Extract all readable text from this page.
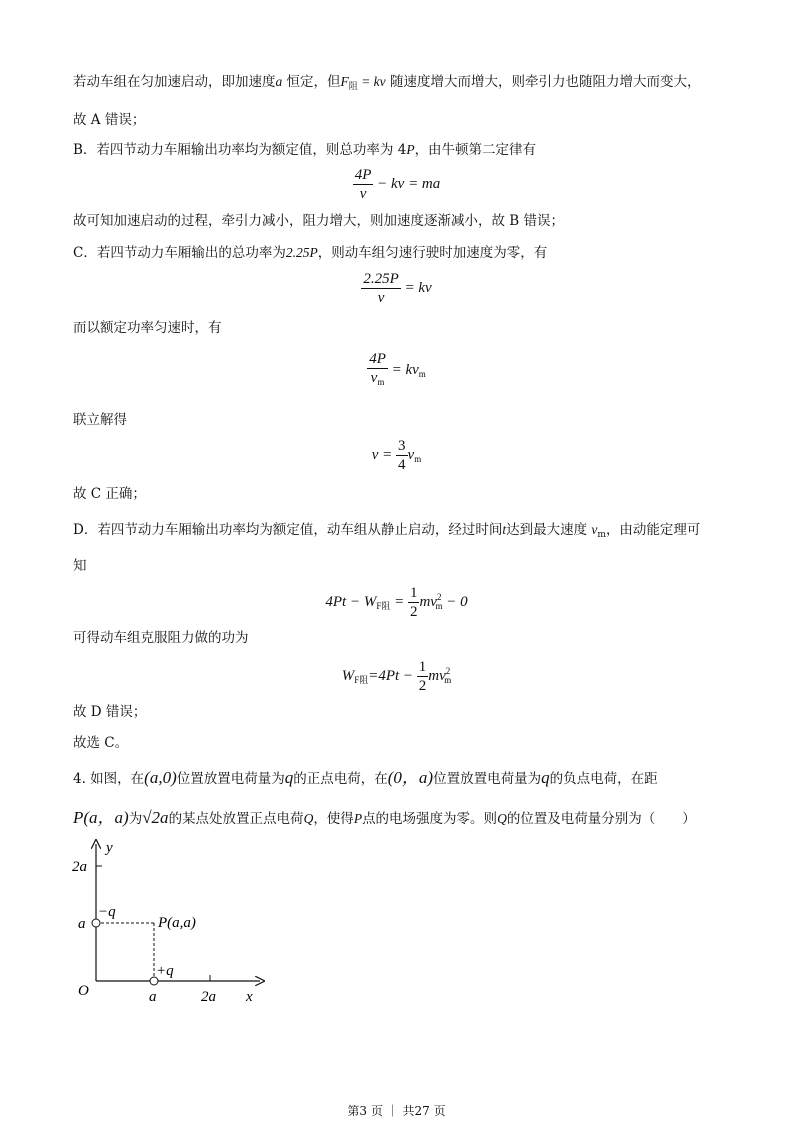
若动车组在匀加速启动，即加速度a 恒定，但$F_阻$ = kv 随速度增大而增大，则牵引力也随阻力增大而变大，
故 A 错误；
B．若四节动力车厢输出功率均为额定值，则总功率为 4P，由牛顿第二定律有
$\frac{4P}{v}$ − kv = ma
故可知加速启动的过程，牵引力减小，阻力增大，则加速度逐渐减小，故 B 错误；
C．若四节动力车厢输出的总功率为2.25P，则动车组匀速行驶时加速度为零，有
$\frac{2.25P}{v}$ = kv
而以额定功率匀速时，有
$\frac{4P}{v_m} = kv_m$
联立解得
$v = \frac{3}{4} v_m$
故 C 正确；
D．若四节动力车厢输出功率均为额定值，动车组从静止启动，经过时间t达到最大速度 $v_m$，由动能定理可
知
$4Pt - W_{F阻} = \frac{1}{2} mv^2_m - 0$
可得动车组克服阻力做的功为
$W_{F阻}=4Pt - \frac{1}{2} mv^2_m$
故 D 错误；
故选 C。
4. 如图，在(a,0)位置放置电荷量为q的正点电荷，在(0，a)位置放置电荷量为q的负点电荷，在距
P(a，a)为√2a的某点处放置正点电荷Q，使得P点的电场强度为零。则Q的位置及电荷量分别为（　　）
y
x
O
2a
a
a	2a
−q
+q
P(a,a)
第3 页 ｜ 共27 页
